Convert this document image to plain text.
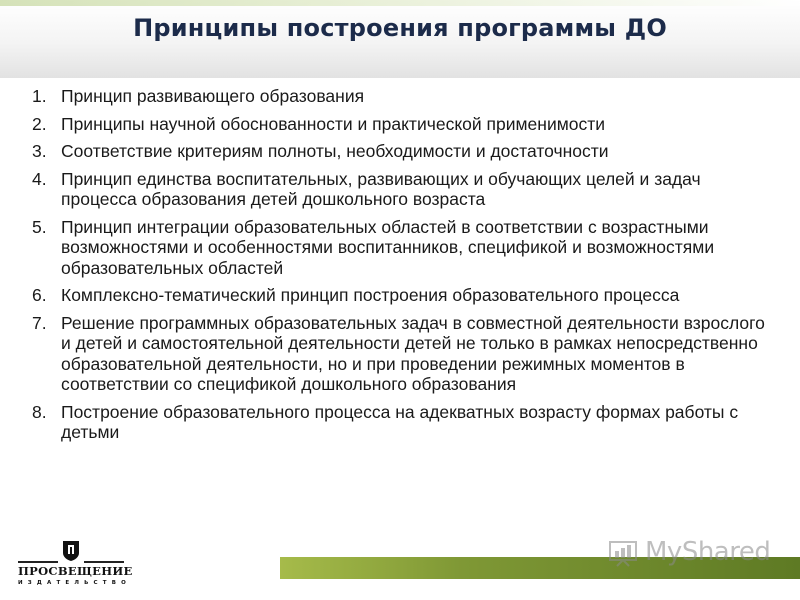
Принципы построения программы ДО
1. Принцип развивающего образования
2. Принципы научной обоснованности и практической применимости
3. Соответствие критериям полноты, необходимости и достаточности
4. Принцип единства воспитательных, развивающих и обучающих целей и задач процесса образования детей дошкольного возраста
5. Принцип интеграции образовательных областей в соответствии с возрастными возможностями и особенностями воспитанников, спецификой и возможностями образовательных областей
6. Комплексно-тематический принцип построения образовательного процесса
7. Решение программных образовательных задач в совместной деятельности взрослого и детей и самостоятельной деятельности детей не только в рамках непосредственно образовательной деятельности, но и при проведении режимных моментов в соответствии со спецификой дошкольного образования
8. Построение образовательного процесса на адекватных возрасту формах работы с детьми
ПРОСВЕЩЕНИЕ
ИЗДАТЕЛЬСТВО
MyShared
